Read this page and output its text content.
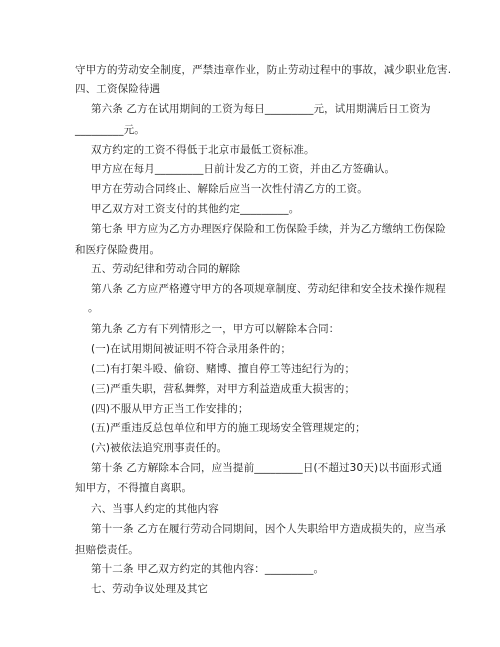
守甲方的劳动安全制度，严禁违章作业，防止劳动过程中的事故，减少职业危害.
四、工资保险待遇
第六条 乙方在试用期间的工资为每日_________元，试用期满后日工资为
_________元。
双方约定的工资不得低于北京市最低工资标准。
甲方应在每月_________日前计发乙方的工资，并由乙方签确认。
甲方在劳动合同终止、解除后应当一次性付清乙方的工资。
甲乙双方对工资支付的其他约定_________。
第七条 甲方应为乙方办理医疗保险和工伤保险手续，并为乙方缴纳工伤保险
和医疗保险费用。
五、劳动纪律和劳动合同的解除
第八条 乙方应严格遵守甲方的各项规章制度、劳动纪律和安全技术操作规程
。
第九条 乙方有下列情形之一，甲方可以解除本合同：
(一)在试用期间被证明不符合录用条件的；
(二)有打架斗殴、偷窃、赌博、擅自停工等违纪行为的；
(三)严重失职，营私舞弊，对甲方利益造成重大损害的；
(四)不服从甲方正当工作安排的；
(五)严重违反总包单位和甲方的施工现场安全管理规定的；
(六)被依法追究刑事责任的。
第十条 乙方解除本合同，应当提前_________日(不超过30天)以书面形式通
知甲方，不得擅自离职。
六、当事人约定的其他内容
第十一条 乙方在履行劳动合同期间，因个人失职给甲方造成损失的，应当承
担赔偿责任。
第十二条 甲乙双方约定的其他内容：_________。
七、劳动争议处理及其它
